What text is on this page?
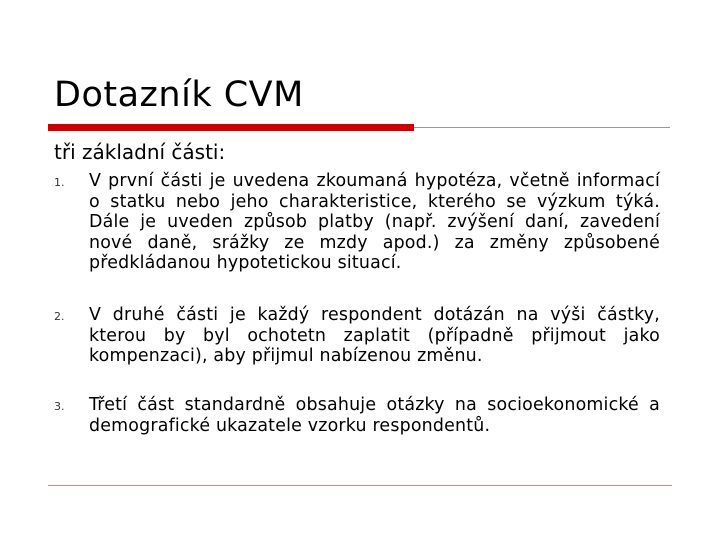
Dotazník CVM
tři základní části:
1. V první části je uvedena zkoumaná hypotéza, včetně informací o statku nebo jeho charakteristice, kterého se výzkum týká. Dále je uveden způsob platby (např. zvýšení daní, zavedení nové daně, srážky ze mzdy apod.) za změny způsobené předkládanou hypotetickou situací.
2. V druhé části je každý respondent dotázán na výši částky, kterou by byl ochotetn zaplatit (případně přijmout jako kompenzaci), aby přijmul nabízenou změnu.
3. Třetí část standardně obsahuje otázky na socioekonomické a demografické ukazatele vzorku respondentů.
